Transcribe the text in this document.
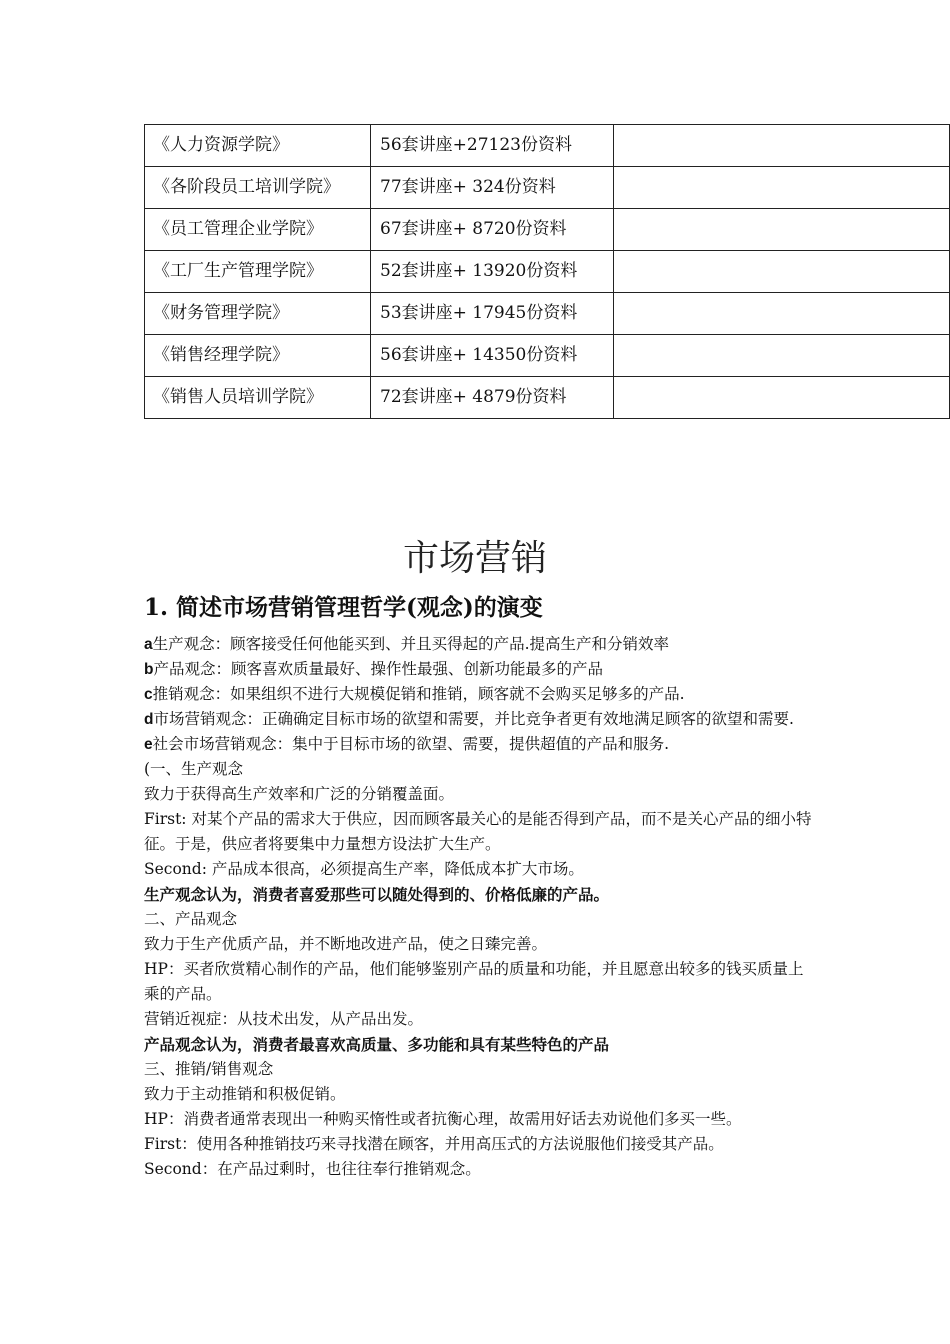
《人力资源学院》	56套讲座+27123份资料	
《各阶段员工培训学院》	77套讲座+ 324份资料	
《员工管理企业学院》	67套讲座+ 8720份资料	
《工厂生产管理学院》	52套讲座+ 13920份资料	
《财务管理学院》	53套讲座+ 17945份资料	
《销售经理学院》	56套讲座+ 14350份资料	
《销售人员培训学院》	72套讲座+ 4879份资料	
市场营销
1. 简述市场营销管理哲学(观念)的演变

a生产观念：顾客接受任何他能买到、并且买得起的产品.提高生产和分销效率

b产品观念：顾客喜欢质量最好、操作性最强、创新功能最多的产品

c推销观念：如果组织不进行大规模促销和推销，顾客就不会购买足够多的产品.

d市场营销观念：正确确定目标市场的欲望和需要，并比竞争者更有效地满足顾客的欲望和需要.

e社会市场营销观念：集中于目标市场的欲望、需要，提供超值的产品和服务.

(一、生产观念

致力于获得高生产效率和广泛的分销覆盖面。

First: 对某个产品的需求大于供应，因而顾客最关心的是能否得到产品，而不是关心产品的细小特征。于是，供应者将要集中力量想方设法扩大生产。

Second: 产品成本很高，必须提高生产率，降低成本扩大市场。

生产观念认为，消费者喜爱那些可以随处得到的、价格低廉的产品。

二、产品观念

致力于生产优质产品，并不断地改进产品，使之日臻完善。

HP：买者欣赏精心制作的产品，他们能够鉴别产品的质量和功能，并且愿意出较多的钱买质量上乘的产品。

营销近视症：从技术出发，从产品出发。

产品观念认为，消费者最喜欢高质量、多功能和具有某些特色的产品

三、推销/销售观念

致力于主动推销和积极促销。

HP：消费者通常表现出一种购买惰性或者抗衡心理，故需用好话去劝说他们多买一些。

First：使用各种推销技巧来寻找潜在顾客，并用高压式的方法说服他们接受其产品。

Second：在产品过剩时，也往往奉行推销观念。
